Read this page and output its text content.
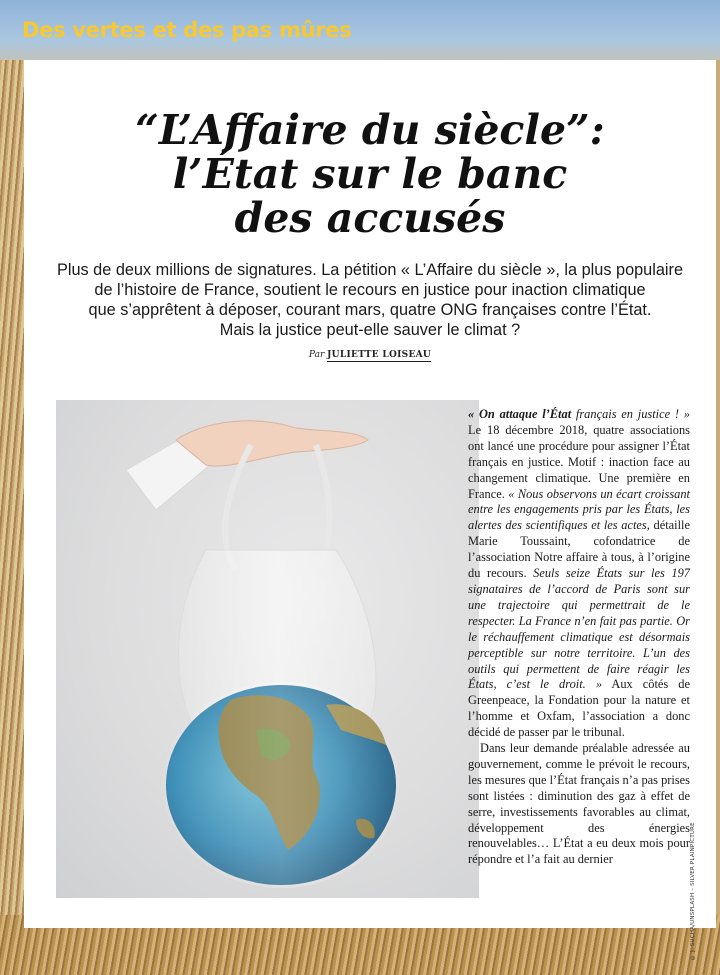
Des vertes et des pas mûres
“L’Affaire du siècle”:
l’État sur le banc
des accusés

Plus de deux millions de signatures. La pétition « L’Affaire du siècle », la plus populaire
de l’histoire de France, soutient le recours en justice pour inaction climatique
que s’apprêtent à déposer, courant mars, quatre ONG françaises contre l’État.
Mais la justice peut-elle sauver le climat ?

Par JULIETTE LOISEAU

« On attaque l’État français en justice ! » Le 18 décembre 2018, quatre associations ont lancé une procédure pour assigner l’État français en justice. Motif : inaction face au changement climatique. Une première en France. « Nous observons un écart croissant entre les engagements pris par les États, les alertes des scientifiques et les actes, détaille Marie Toussaint, cofondatrice de l’association Notre affaire à tous, à l’origine du recours. Seuls seize États sur les 197 signataires de l’accord de Paris sont sur une trajectoire qui permettrait de le respecter. La France n’en fait pas partie. Or le réchauffement climatique est désormais perceptible sur notre territoire. L’un des outils qui permettent de faire réagir les États, c’est le droit. » Aux côtés de Greenpeace, la Fondation pour la nature et l’homme et Oxfam, l’association a donc décidé de passer par le tribunal.

Dans leur demande préalable adressée au gouvernement, comme le prévoit le recours, les mesures que l’État français n’a pas prises sont listées : diminution des gaz à effet de serre, investissements favorables au climat, développement des énergies renouvelables… L’État a eu deux mois pour répondre et l’a fait au dernier	© J. SUCHA/UNSPLASH – SILVER PLAINPICTURE
